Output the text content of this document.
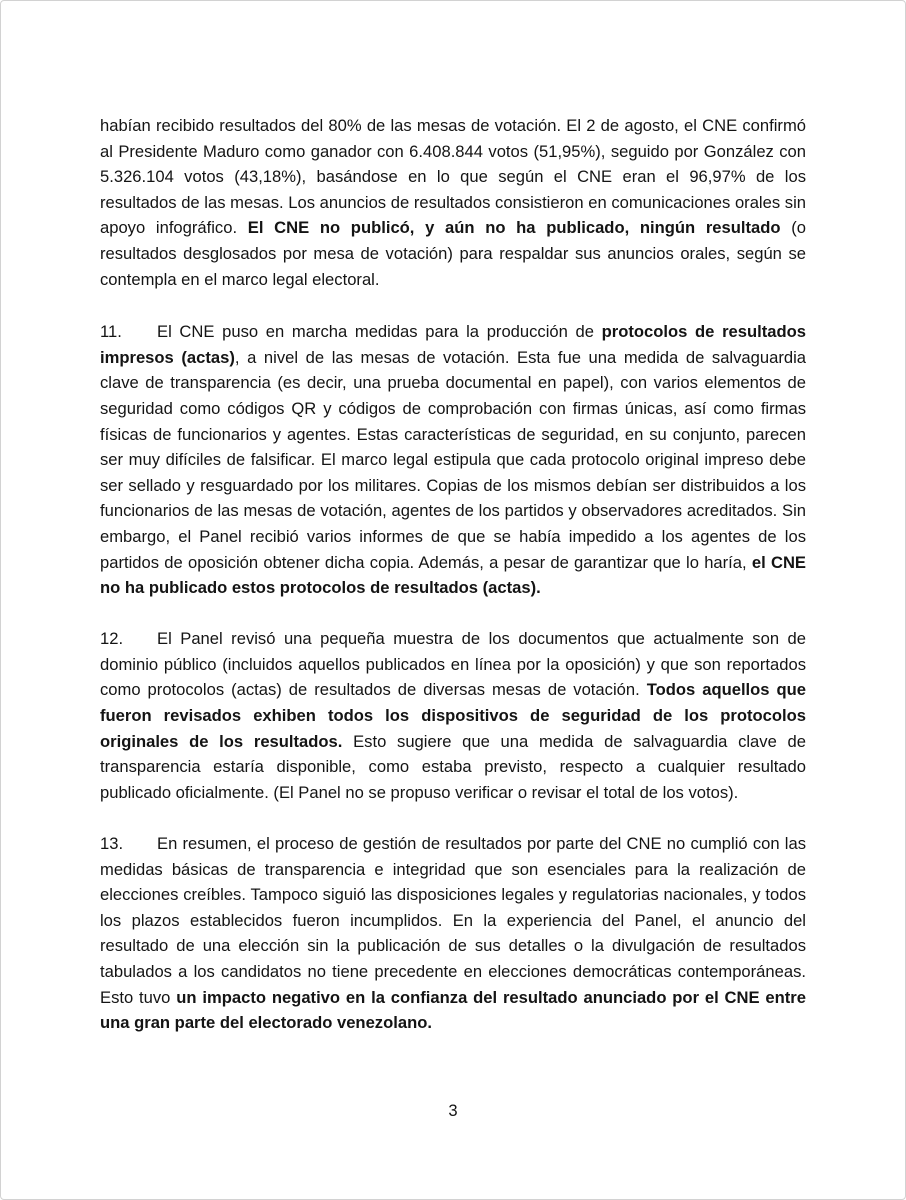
habían recibido resultados del 80% de las mesas de votación. El 2 de agosto, el CNE confirmó al Presidente Maduro como ganador con 6.408.844 votos (51,95%), seguido por González con 5.326.104 votos (43,18%), basándose en lo que según el CNE eran el 96,97% de los resultados de las mesas. Los anuncios de resultados consistieron en comunicaciones orales sin apoyo infográfico. El CNE no publicó, y aún no ha publicado, ningún resultado (o resultados desglosados por mesa de votación) para respaldar sus anuncios orales, según se contempla en el marco legal electoral.

11. El CNE puso en marcha medidas para la producción de protocolos de resultados impresos (actas), a nivel de las mesas de votación. Esta fue una medida de salvaguardia clave de transparencia (es decir, una prueba documental en papel), con varios elementos de seguridad como códigos QR y códigos de comprobación con firmas únicas, así como firmas físicas de funcionarios y agentes. Estas características de seguridad, en su conjunto, parecen ser muy difíciles de falsificar. El marco legal estipula que cada protocolo original impreso debe ser sellado y resguardado por los militares. Copias de los mismos debían ser distribuidos a los funcionarios de las mesas de votación, agentes de los partidos y observadores acreditados. Sin embargo, el Panel recibió varios informes de que se había impedido a los agentes de los partidos de oposición obtener dicha copia. Además, a pesar de garantizar que lo haría, el CNE no ha publicado estos protocolos de resultados (actas).

12. El Panel revisó una pequeña muestra de los documentos que actualmente son de dominio público (incluidos aquellos publicados en línea por la oposición) y que son reportados como protocolos (actas) de resultados de diversas mesas de votación. Todos aquellos que fueron revisados exhiben todos los dispositivos de seguridad de los protocolos originales de los resultados. Esto sugiere que una medida de salvaguardia clave de transparencia estaría disponible, como estaba previsto, respecto a cualquier resultado publicado oficialmente. (El Panel no se propuso verificar o revisar el total de los votos).

13. En resumen, el proceso de gestión de resultados por parte del CNE no cumplió con las medidas básicas de transparencia e integridad que son esenciales para la realización de elecciones creíbles. Tampoco siguió las disposiciones legales y regulatorias nacionales, y todos los plazos establecidos fueron incumplidos. En la experiencia del Panel, el anuncio del resultado de una elección sin la publicación de sus detalles o la divulgación de resultados tabulados a los candidatos no tiene precedente en elecciones democráticas contemporáneas. Esto tuvo un impacto negativo en la confianza del resultado anunciado por el CNE entre una gran parte del electorado venezolano.

3
